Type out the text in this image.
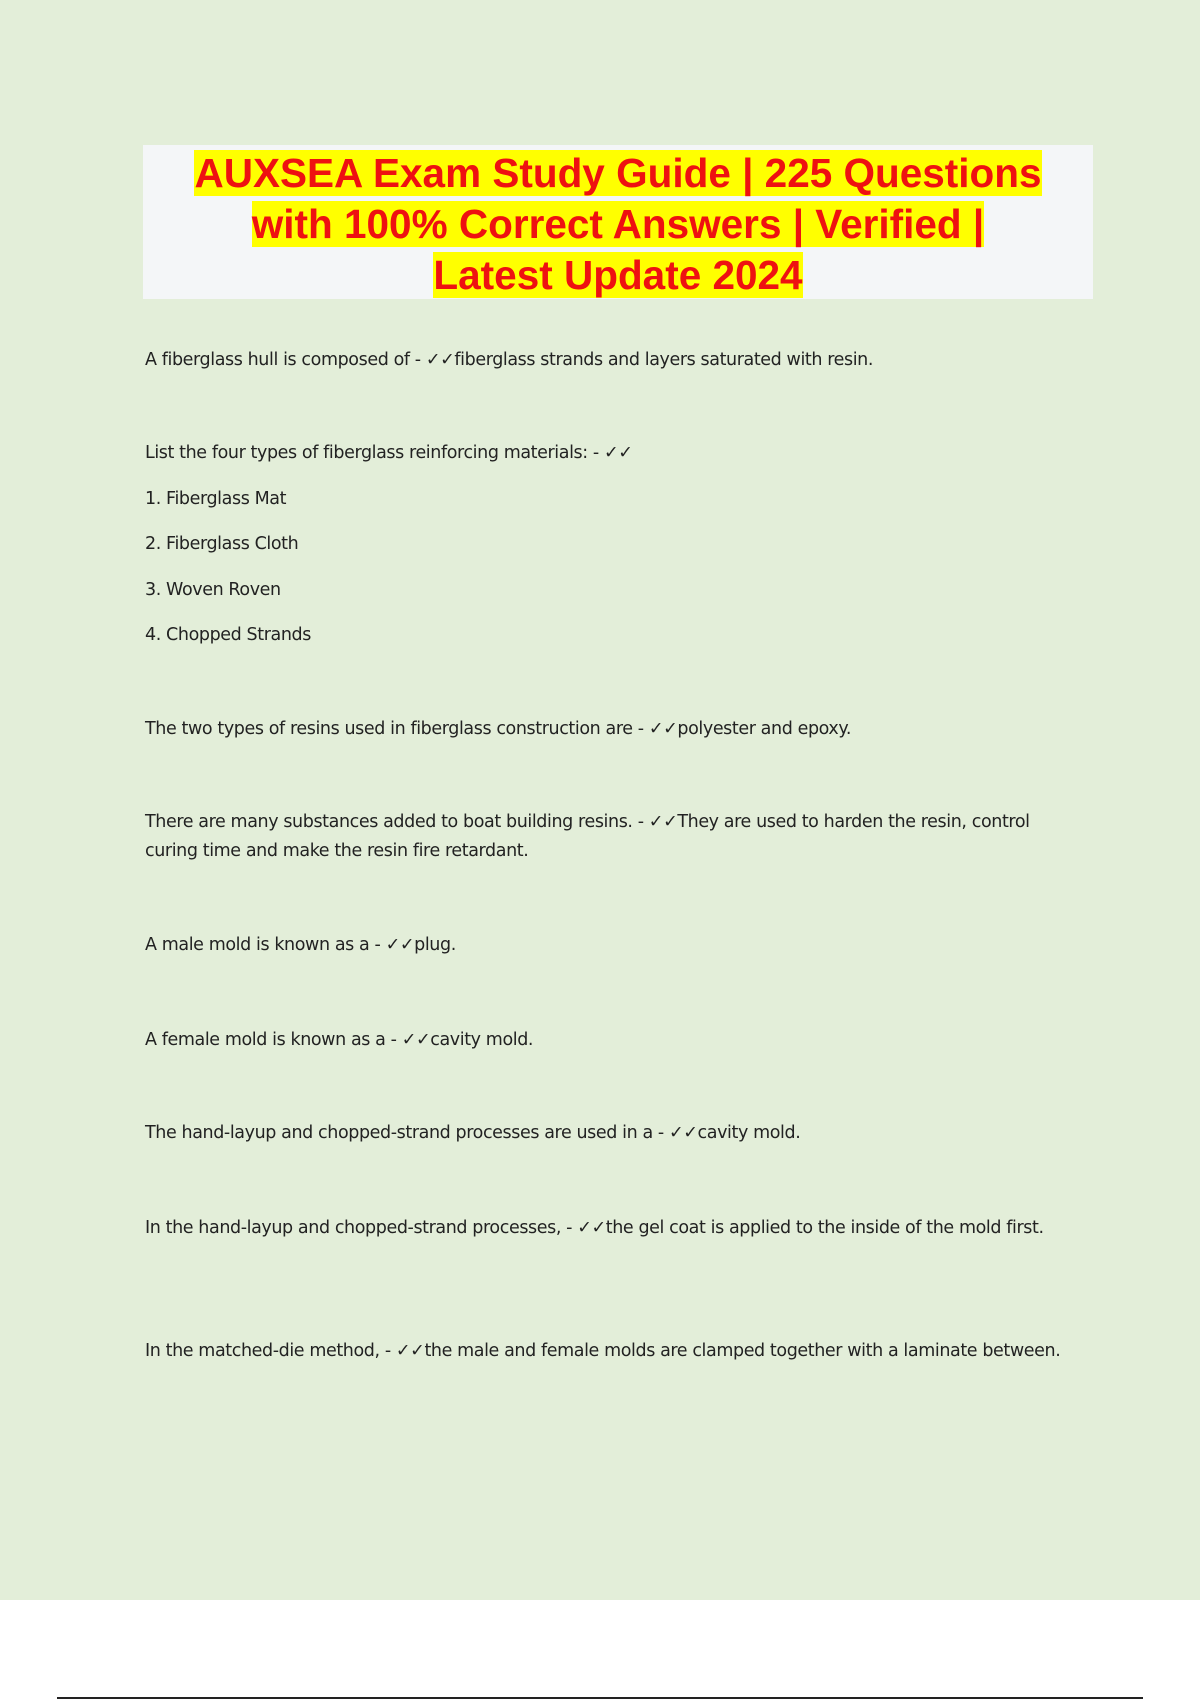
AUXSEA Exam Study Guide | 225 Questions
with 100% Correct Answers | Verified |
Latest Update 2024

A fiberglass hull is composed of - ✓✓fiberglass strands and layers saturated with resin.

List the four types of fiberglass reinforcing materials: - ✓✓

1. Fiberglass Mat

2. Fiberglass Cloth

3. Woven Roven

4. Chopped Strands

The two types of resins used in fiberglass construction are - ✓✓polyester and epoxy.

There are many substances added to boat building resins. - ✓✓They are used to harden the resin, control curing time and make the resin fire retardant.

A male mold is known as a - ✓✓plug.

A female mold is known as a - ✓✓cavity mold.

The hand-layup and chopped-strand processes are used in a - ✓✓cavity mold.

In the hand-layup and chopped-strand processes, - ✓✓the gel coat is applied to the inside of the mold first.

In the matched-die method, - ✓✓the male and female molds are clamped together with a laminate between.
